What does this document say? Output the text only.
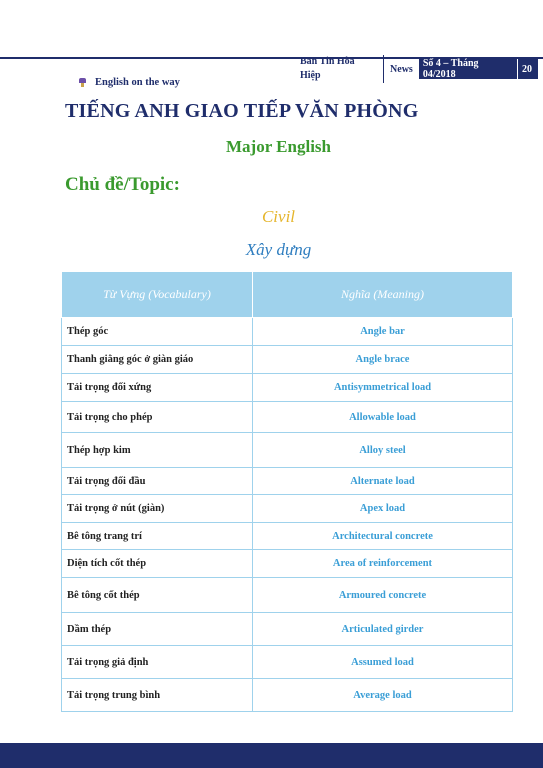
Bản Tin Hòa Hiệp
News	Số 4 – Tháng 04/2018	20
English on the way
TIẾNG ANH GIAO TIẾP VĂN PHÒNG
Major English
Chủ đề/Topic:
Civil
Xây dựng
Từ Vựng (Vocabulary)	Nghĩa (Meaning)
Thép góc	Angle bar
Thanh giằng góc ở giàn giáo	Angle brace
Tải trọng đối xứng	Antisymmetrical load
Tải trọng cho phép	Allowable load
Thép hợp kim	Alloy steel
Tải trọng đối đầu	Alternate load
Tải trọng ở nút (giàn)	Apex load
Bê tông trang trí	Architectural concrete
Diện tích cốt thép	Area of reinforcement
Bê tông cốt thép	Armoured concrete
Dầm thép	Articulated girder
Tải trọng giả định	Assumed load
Tải trọng trung bình	Average load
